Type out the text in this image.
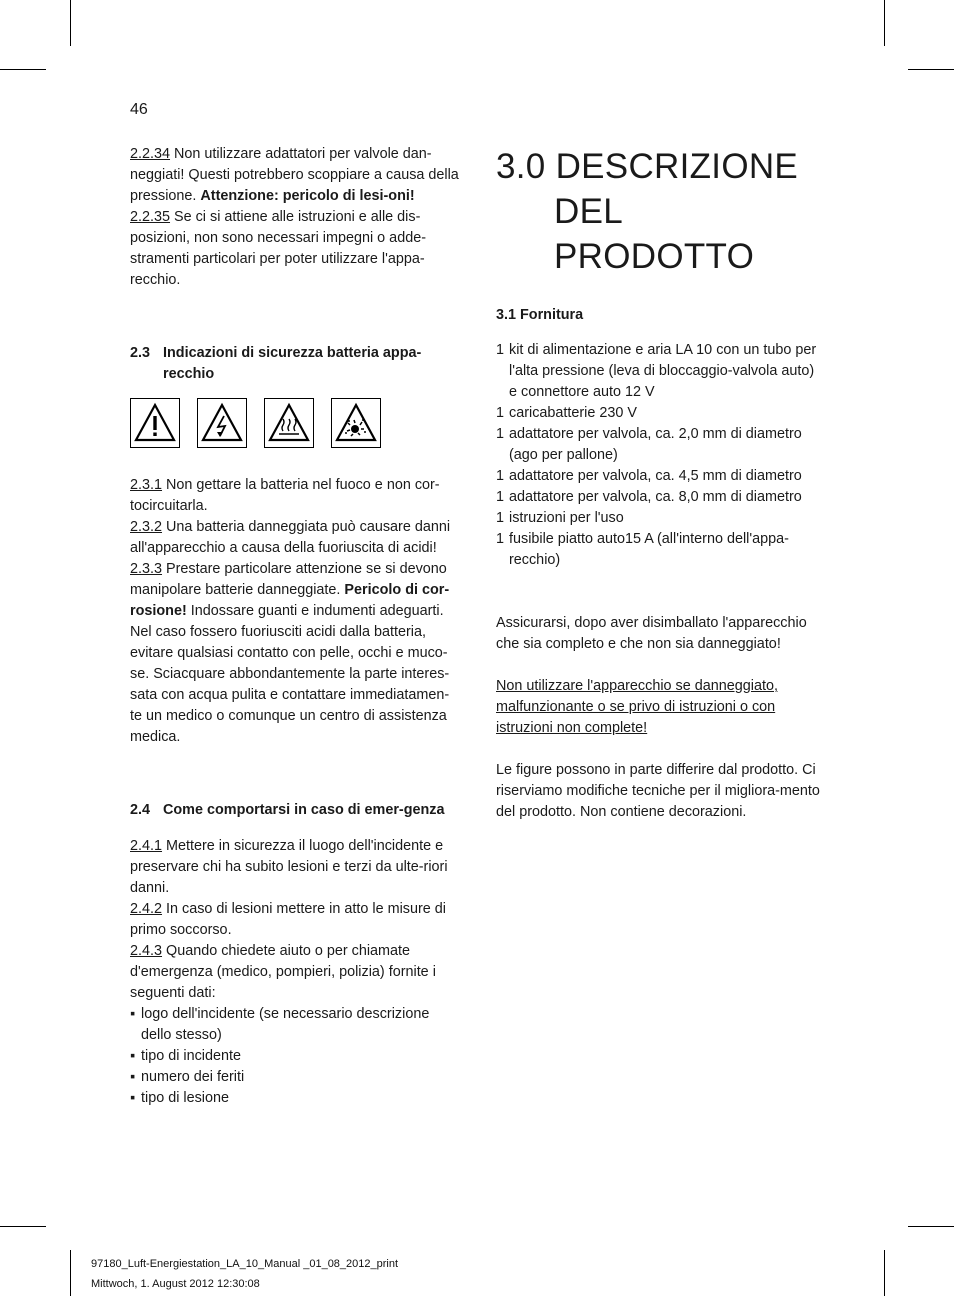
46

2.2.34 Non utilizzare adattatori per valvole dan-neggiati! Questi potrebbero scoppiare a causa della pressione. Attenzione: pericolo di lesi-oni!

2.2.35 Se ci si attiene alle istruzioni e alle dis-posizioni, non sono necessari impegni o adde-stramenti particolari per poter utilizzare l'appa-recchio.

2.3 Indicazioni di sicurezza batteria appa-recchio

2.3.1 Non gettare la batteria nel fuoco e non cor-tocircuitarla.

2.3.2 Una batteria danneggiata può causare danni all'apparecchio a causa della fuoriuscita di acidi!

2.3.3 Prestare particolare attenzione se si devono manipolare batterie danneggiate. Pericolo di cor-rosione! Indossare guanti e indumenti adeguarti. Nel caso fossero fuoriusciti acidi dalla batteria, evitare qualsiasi contatto con pelle, occhi e muco-se. Sciacquare abbondantemente la parte interes-sata con acqua pulita e contattare immediatamen-te un medico o comunque un centro di assistenza medica.

2.4 Come comportarsi in caso di emer-genza

2.4.1 Mettere in sicurezza il luogo dell'incidente e preservare chi ha subito lesioni e terzi da ulte-riori danni.

2.4.2 In caso di lesioni mettere in atto le misure di primo soccorso.

2.4.3 Quando chiedete aiuto o per chiamate d'emergenza (medico, pompieri, polizia) fornite i seguenti dati:

▪ logo dell'incidente (se necessario descrizione dello stesso)
▪ tipo di incidente
▪ numero dei feriti
▪ tipo di lesione
3.0 DESCRIZIONE
DEL PRODOTTO

3.1 Fornitura

1 kit di alimentazione e aria LA 10 con un tubo per l'alta pressione (leva di bloccaggio-valvola auto) e connettore auto 12 V
1 caricabatterie 230 V
1 adattatore per valvola, ca. 2,0 mm di diametro (ago per pallone)
1 adattatore per valvola, ca. 4,5 mm di diametro
1 adattatore per valvola, ca. 8,0 mm di diametro
1 istruzioni per l'uso
1 fusibile piatto auto15 A (all'interno dell'appa-recchio)

Assicurarsi, dopo aver disimballato l'apparecchio che sia completo e che non sia danneggiato!

Non utilizzare l'apparecchio se danneggiato, malfunzionante o se privo di istruzioni o con istruzioni non complete!

Le figure possono in parte differire dal prodotto. Ci riserviamo modifiche tecniche per il migliora-mento del prodotto. Non contiene decorazioni.

97180_Luft-Energiestation_LA_10_Manual _01_08_2012_print
Mittwoch, 1. August 2012 12:30:08
